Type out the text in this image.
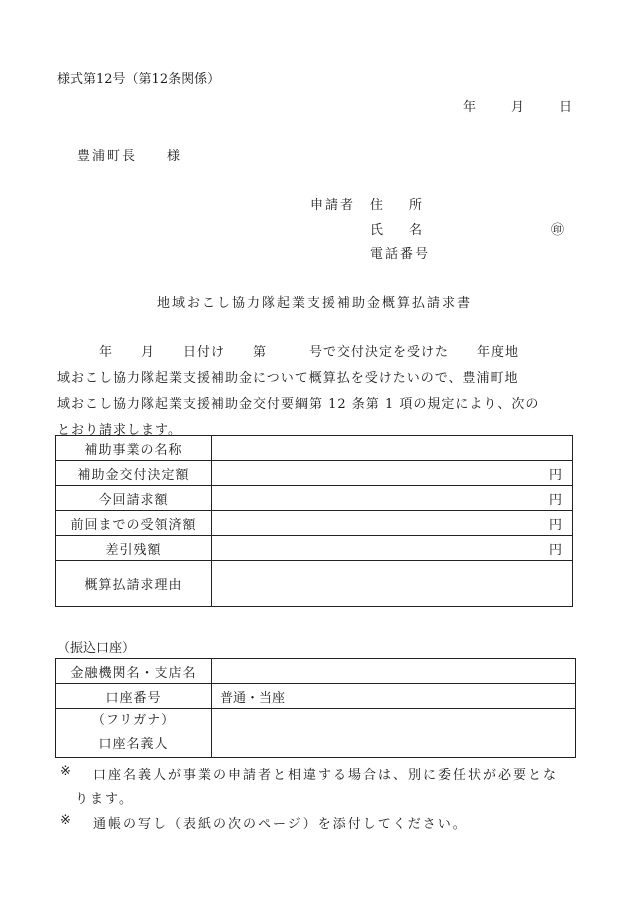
様式第12号（第12条関係）
年	月	日
豊浦町長　　様
申請者 住　　所
氏　　名	㊞
電話番号
地域おこし協力隊起業支援補助金概算払請求書
　　　年　　月　　日付け　　第　　　号で交付決定を受けた　　年度地
域おこし協力隊起業支援補助金について概算払を受けたいので、豊浦町地
域おこし協力隊起業支援補助金交付要綱第 12 条第 1 項の規定により、次の
とおり請求します。
補助事業の名称	
補助金交付決定額	円
今回請求額	円
前回までの受領済額	円
差引残額	円
概算払請求理由	
（振込口座）
金融機関名・支店名	
口座番号	普通・当座

（フリガナ）
口座名義人	

※ 口座名義人が事業の申請者と相違する場合は、別に委任状が必要とな
ります。
※ 通帳の写し（表紙の次のページ）を添付してください。
